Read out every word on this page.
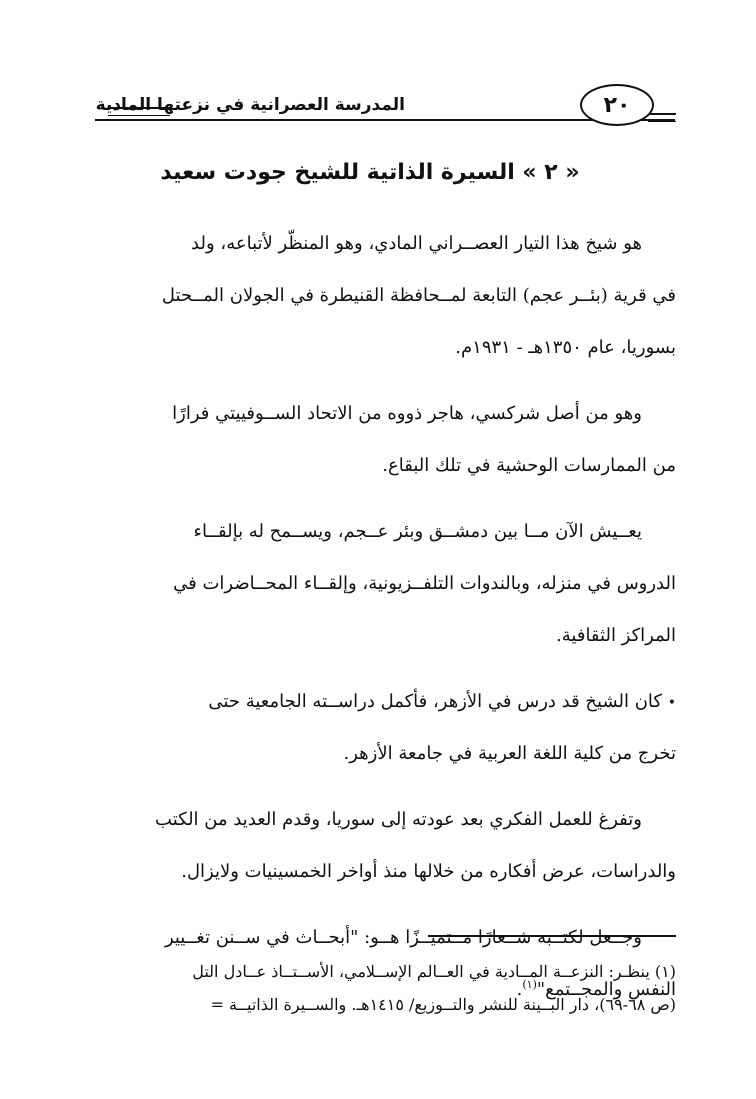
المدرسة العصرانية في نزعتها المادية	٢٠
« ٢ » السيرة الذاتية للشيخ جودت سعيد
هو شيخ هذا التيار العصــراني المادي، وهو المنظّر لأتباعه، ولد
في قرية (بئــر عجم) التابعة لمــحافظة القنيطرة في الجولان المــحتل
بسوريا، عام ١٣٥٠هـ - ١٩٣١م.
وهو من أصل شركسي، هاجر ذووه من الاتحاد الســوفييتي فرارًا
من الممارسات الوحشية في تلك البقاع.
يعــيش الآن مــا بين دمشــق وبئر عــجم، ويســمح له بإلقــاء
الدروس في منزله، وبالندوات التلفــزيونية، وإلقــاء المحــاضرات في
المراكز الثقافية.
• كان الشيخ قد درس في الأزهر، فأكمل دراســته الجامعية حتى
تخرج من كلية اللغة العربية في جامعة الأزهر.
وتفرغ للعمل الفكري بعد عودته إلى سوريا، وقدم العديد من الكتب
والدراسات، عرض أفكاره من خلالها منذ أواخر الخمسينيات ولايزال.
وجــعل لكتــبه شــعارًا مــتميــزًا هــو: "أبحــاث في ســنن تغــيير
النفس والمجــتمع"$^{(١)}$.
(١) ينظـر: النزعــة المــادية في العــالم الإســلامي، الأســتــاذ عــادل التل
(ص ٦٨-٦٩)، دار البــينة للنشر والتــوزيع/ ١٤١٥هـ. والســيرة الذاتيــة =
